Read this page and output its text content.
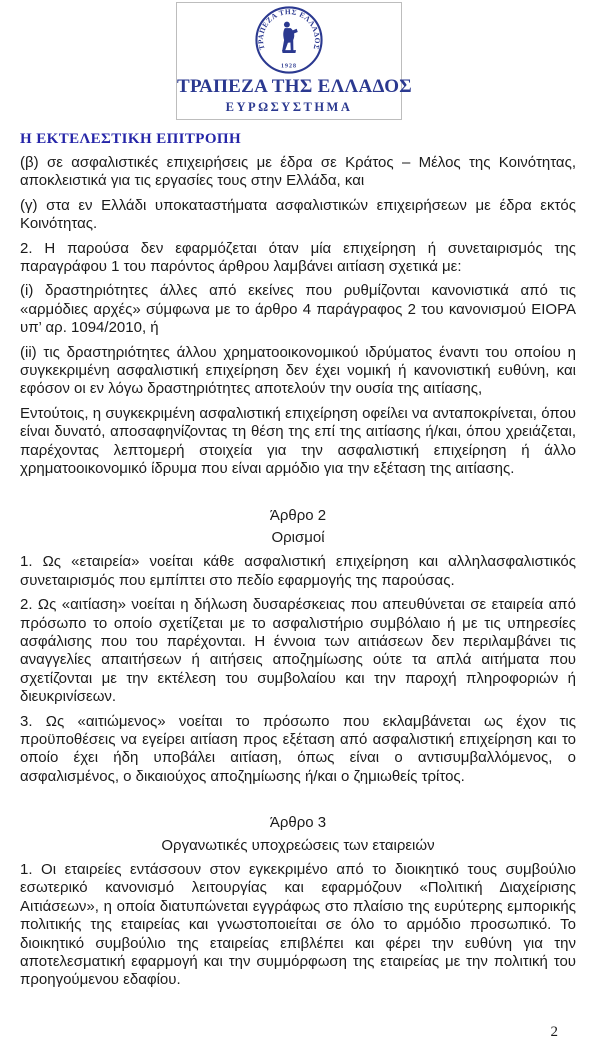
ΤΡΑΠΕΖΑ ΤΗΣ ΕΛΛΑΔΟΣ
1928
ΤΡΑΠΕΖΑ ΤΗΣ ΕΛΛΑΔΟΣ
ΕΥΡΩΣΥΣΤΗΜΑ
Η ΕΚΤΕΛΕΣΤΙΚΗ ΕΠΙΤΡΟΠΗ

(β) σε ασφαλιστικές επιχειρήσεις με έδρα σε Κράτος – Μέλος της Κοινότητας, αποκλειστικά για τις εργασίες τους στην Ελλάδα, και

(γ) στα εν Ελλάδι υποκαταστήματα ασφαλιστικών επιχειρήσεων με έδρα εκτός Κοινότητας.

2. Η παρούσα δεν εφαρμόζεται όταν μία επιχείρηση ή συνεταιρισμός της παραγράφου 1 του παρόντος άρθρου λαμβάνει αιτίαση σχετικά με:

(i) δραστηριότητες άλλες από εκείνες που ρυθμίζονται κανονιστικά από τις «αρμόδιες αρχές» σύμφωνα με το άρθρο 4 παράγραφος 2 του κανονισμού EIOPA υπ’ αρ. 1094/2010, ή

(ii) τις δραστηριότητες άλλου χρηματοοικονομικού ιδρύματος έναντι του οποίου η συγκεκριμένη ασφαλιστική επιχείρηση δεν έχει νομική ή κανονιστική ευθύνη, και εφόσον οι εν λόγω δραστηριότητες αποτελούν την ουσία της αιτίασης,

Εντούτοις, η συγκεκριμένη ασφαλιστική επιχείρηση οφείλει να ανταποκρίνεται, όπου είναι δυνατό, αποσαφηνίζοντας τη θέση της επί της αιτίασης ή/και, όπου χρειάζεται, παρέχοντας λεπτομερή στοιχεία για την ασφαλιστική επιχείρηση ή άλλο χρηματοοικονομικό ίδρυμα που είναι αρμόδιο για την εξέταση της αιτίασης.

Άρθρο 2

Ορισμοί

1. Ως «εταιρεία» νοείται κάθε ασφαλιστική επιχείρηση και αλληλασφαλιστικός συνεταιρισμός που εμπίπτει στο πεδίο εφαρμογής της παρούσας.

2. Ως «αιτίαση» νοείται η δήλωση δυσαρέσκειας που απευθύνεται σε εταιρεία από πρόσωπο το οποίο σχετίζεται με το ασφαλιστήριο συμβόλαιο ή με τις υπηρεσίες ασφάλισης που του παρέχονται. Η έννοια των αιτιάσεων δεν περιλαμβάνει τις αναγγελίες απαιτήσεων ή αιτήσεις αποζημίωσης ούτε τα απλά αιτήματα που σχετίζονται με την εκτέλεση του συμβολαίου και την παροχή πληροφοριών ή διευκρινίσεων.

3. Ως «αιτιώμενος» νοείται το πρόσωπο που εκλαμβάνεται ως έχον τις προϋποθέσεις να εγείρει αιτίαση προς εξέταση από ασφαλιστική επιχείρηση και το οποίο έχει ήδη υποβάλει αιτίαση, όπως είναι ο αντισυμβαλλόμενος, ο ασφαλισμένος, ο δικαιούχος αποζημίωσης ή/και ο ζημιωθείς τρίτος.

Άρθρο 3

Οργανωτικές υποχρεώσεις των εταιρειών

1. Οι εταιρείες εντάσσουν στον εγκεκριμένο από το διοικητικό τους συμβούλιο εσωτερικό κανονισμό λειτουργίας και εφαρμόζουν «Πολιτική Διαχείρισης Αιτιάσεων», η οποία διατυπώνεται εγγράφως στο πλαίσιο της ευρύτερης εμπορικής πολιτικής της εταιρείας και γνωστοποιείται σε όλο το αρμόδιο προσωπικό. Το διοικητικό συμβούλιο της εταιρείας επιβλέπει και φέρει την ευθύνη για την αποτελεσματική εφαρμογή και την συμμόρφωση της εταιρείας με την πολιτική του προηγούμενου εδαφίου.

2
